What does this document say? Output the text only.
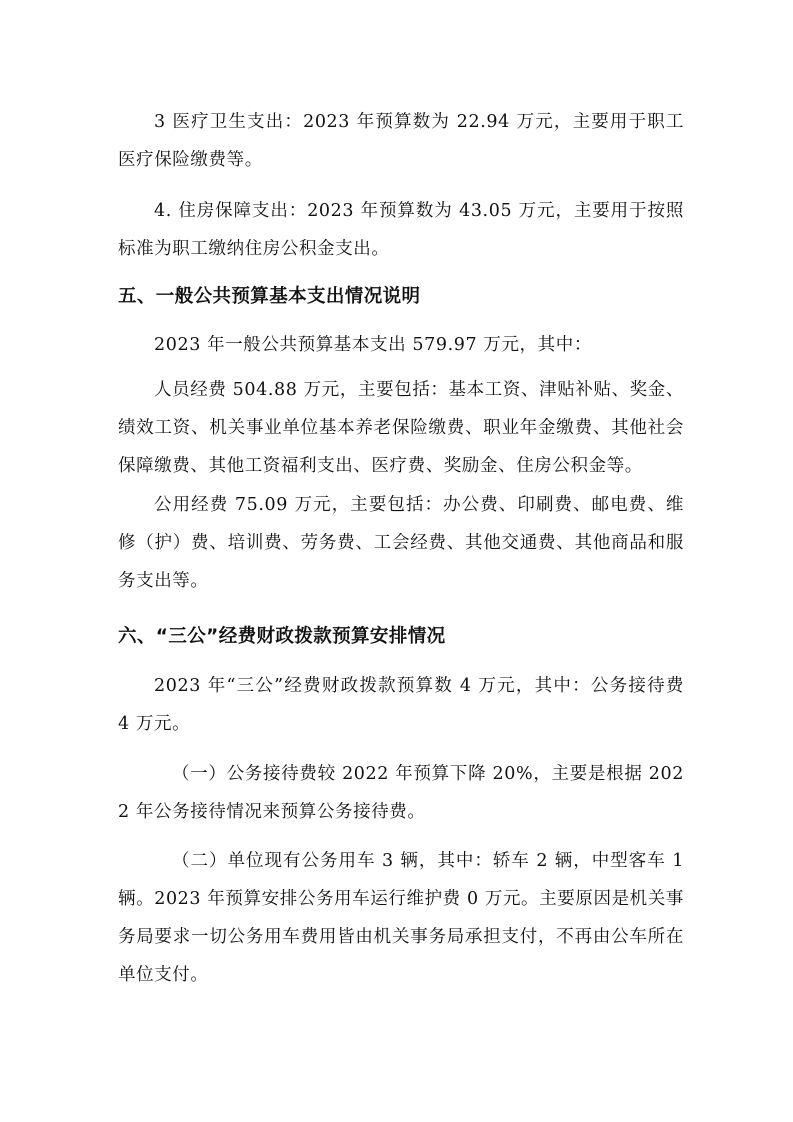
3 医疗卫生支出：2023 年预算数为 22.94 万元，主要用于职工医疗保险缴费等。

4. 住房保障支出：2023 年预算数为 43.05 万元，主要用于按照标准为职工缴纳住房公积金支出。

五、一般公共预算基本支出情况说明

2023 年一般公共预算基本支出 579.97 万元，其中：

人员经费 504.88 万元，主要包括：基本工资、津贴补贴、奖金、绩效工资、机关事业单位基本养老保险缴费、职业年金缴费、其他社会保障缴费、其他工资福利支出、医疗费、奖励金、住房公积金等。

公用经费 75.09 万元，主要包括：办公费、印刷费、邮电费、维修（护）费、培训费、劳务费、工会经费、其他交通费、其他商品和服务支出等。

六、“三公”经费财政拨款预算安排情况

2023 年“三公”经费财政拨款预算数 4 万元，其中：公务接待费 4 万元。

（一）公务接待费较 2022 年预算下降 20%，主要是根据 2022 年公务接待情况来预算公务接待费。

（二）单位现有公务用车 3 辆，其中：轿车 2 辆，中型客车 1 辆。2023 年预算安排公务用车运行维护费 0 万元。主要原因是机关事务局要求一切公务用车费用皆由机关事务局承担支付，不再由公车所在单位支付。
